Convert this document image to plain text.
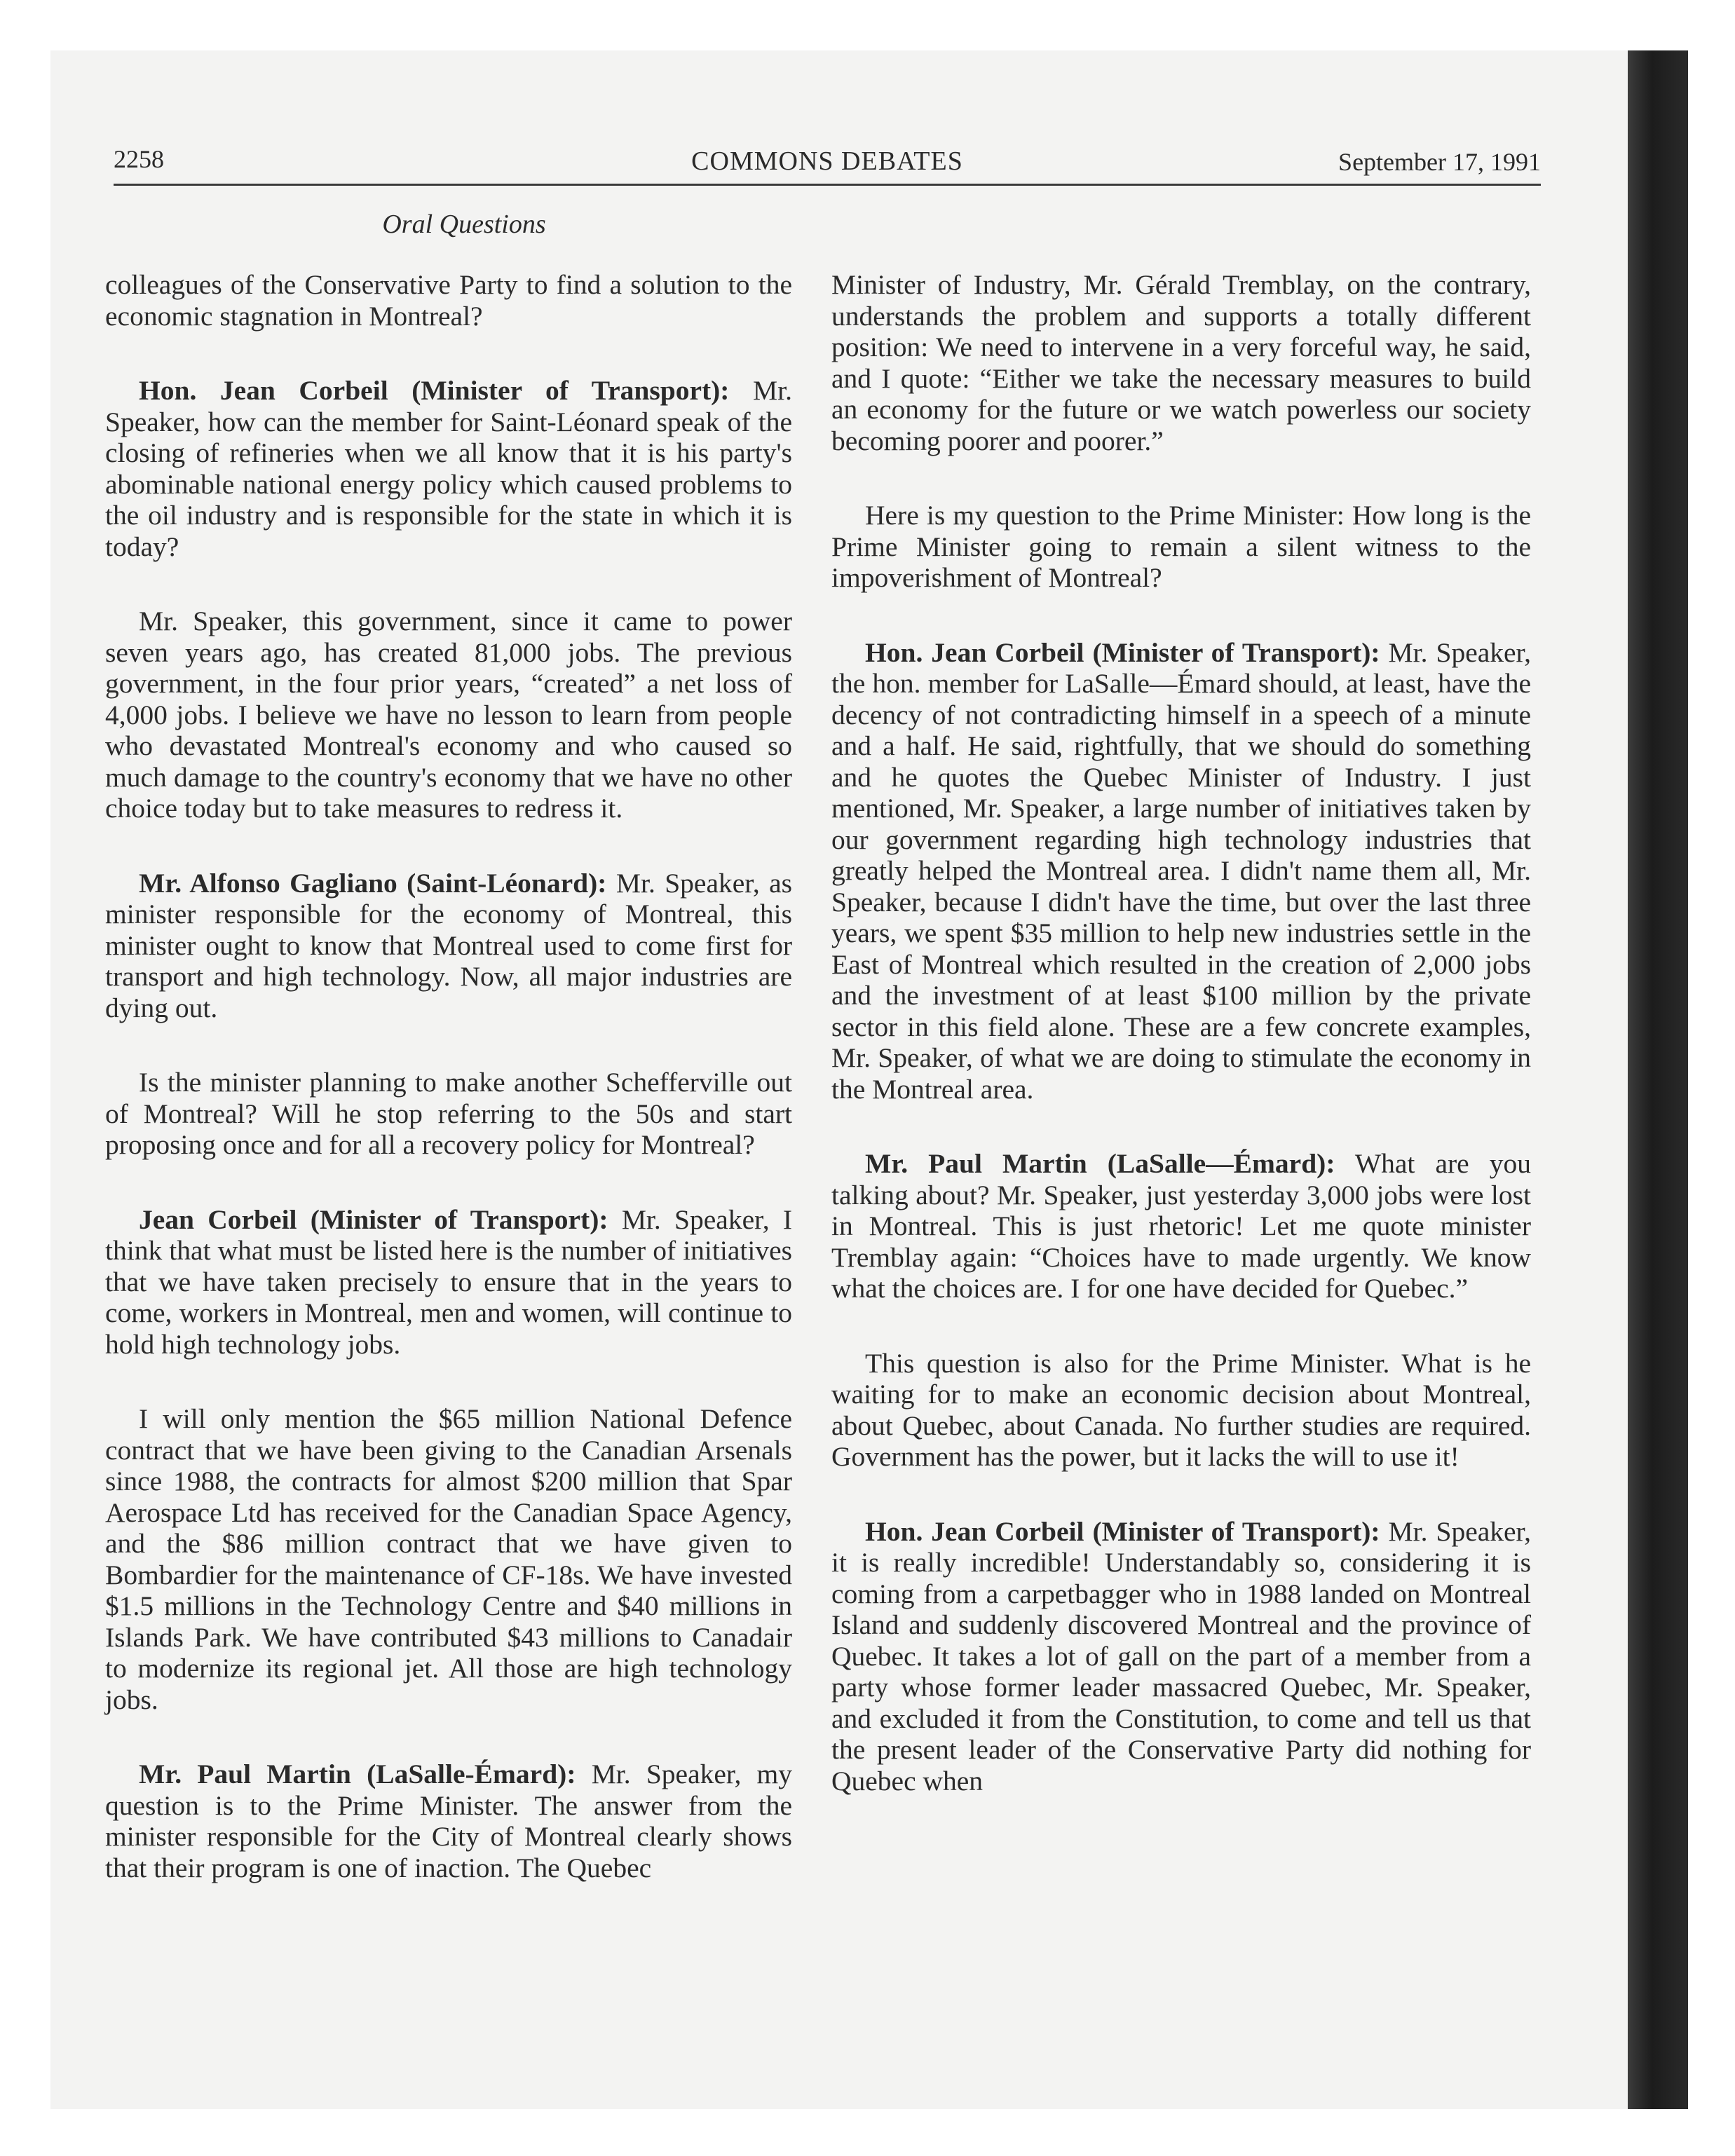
2258	COMMONS DEBATES	September 17, 1991
Oral Questions

colleagues of the Conservative Party to find a solution to the economic stagnation in Montreal?

Hon. Jean Corbeil (Minister of Transport): Mr. Speaker, how can the member for Saint-Léonard speak of the closing of refineries when we all know that it is his party's abominable national energy policy which caused problems to the oil industry and is responsible for the state in which it is today?

Mr. Speaker, this government, since it came to power seven years ago, has created 81,000 jobs. The previous government, in the four prior years, “created” a net loss of 4,000 jobs. I believe we have no lesson to learn from people who devastated Montreal's economy and who caused so much damage to the country's economy that we have no other choice today but to take measures to redress it.

Mr. Alfonso Gagliano (Saint-Léonard): Mr. Speaker, as minister responsible for the economy of Montreal, this minister ought to know that Montreal used to come first for transport and high technology. Now, all major industries are dying out.

Is the minister planning to make another Schefferville out of Montreal? Will he stop referring to the 50s and start proposing once and for all a recovery policy for Montreal?

Jean Corbeil (Minister of Transport): Mr. Speaker, I think that what must be listed here is the number of initiatives that we have taken precisely to ensure that in the years to come, workers in Montreal, men and women, will continue to hold high technology jobs.

I will only mention the $65 million National Defence contract that we have been giving to the Canadian Arsenals since 1988, the contracts for almost $200 million that Spar Aerospace Ltd has received for the Canadian Space Agency, and the $86 million contract that we have given to Bombardier for the maintenance of CF-18s. We have invested $1.5 millions in the Technology Centre and $40 millions in Islands Park. We have contributed $43 millions to Canadair to modernize its regional jet. All those are high technology jobs.

Mr. Paul Martin (LaSalle-Émard): Mr. Speaker, my question is to the Prime Minister. The answer from the minister responsible for the City of Montreal clearly shows that their program is one of inaction. The Quebec

Minister of Industry, Mr. Gérald Tremblay, on the contrary, understands the problem and supports a totally different position: We need to intervene in a very forceful way, he said, and I quote: “Either we take the necessary measures to build an economy for the future or we watch powerless our society becoming poorer and poorer.”

Here is my question to the Prime Minister: How long is the Prime Minister going to remain a silent witness to the impoverishment of Montreal?

Hon. Jean Corbeil (Minister of Transport): Mr. Speaker, the hon. member for LaSalle—Émard should, at least, have the decency of not contradicting himself in a speech of a minute and a half. He said, rightfully, that we should do something and he quotes the Quebec Minister of Industry. I just mentioned, Mr. Speaker, a large number of initiatives taken by our government regarding high technology industries that greatly helped the Montreal area. I didn't name them all, Mr. Speaker, because I didn't have the time, but over the last three years, we spent $35 million to help new industries settle in the East of Montreal which resulted in the creation of 2,000 jobs and the investment of at least $100 million by the private sector in this field alone. These are a few concrete examples, Mr. Speaker, of what we are doing to stimulate the economy in the Montreal area.

Mr. Paul Martin (LaSalle—Émard): What are you talking about? Mr. Speaker, just yesterday 3,000 jobs were lost in Montreal. This is just rhetoric! Let me quote minister Tremblay again: “Choices have to made urgently. We know what the choices are. I for one have decided for Quebec.”

This question is also for the Prime Minister. What is he waiting for to make an economic decision about Montreal, about Quebec, about Canada. No further studies are required. Government has the power, but it lacks the will to use it!

Hon. Jean Corbeil (Minister of Transport): Mr. Speaker, it is really incredible! Understandably so, considering it is coming from a carpetbagger who in 1988 landed on Montreal Island and suddenly discovered Montreal and the province of Quebec. It takes a lot of gall on the part of a member from a party whose former leader massacred Quebec, Mr. Speaker, and excluded it from the Constitution, to come and tell us that the present leader of the Conservative Party did nothing for Quebec when
